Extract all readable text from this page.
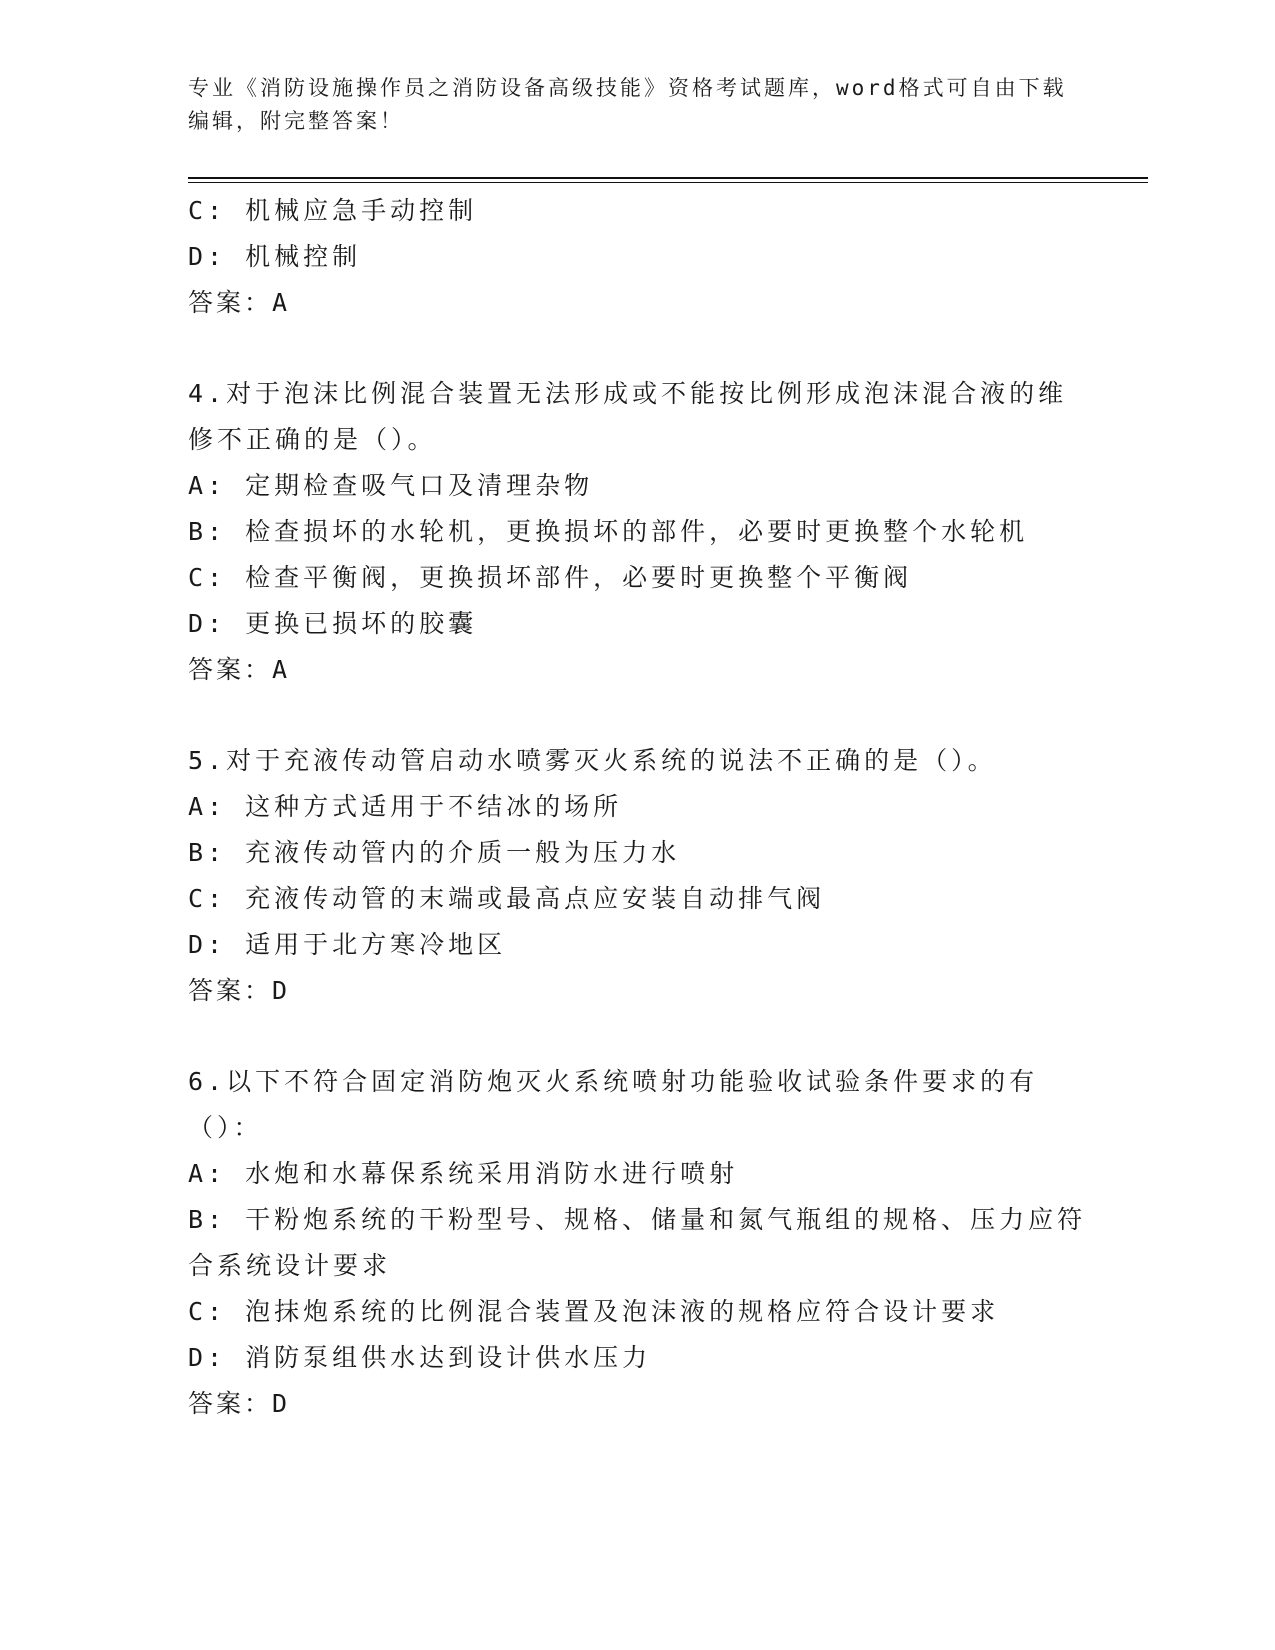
专业《消防设施操作员之消防设备高级技能》资格考试题库，word格式可自由下载编辑，附完整答案！
C: 机械应急手动控制
D: 机械控制
答案：A
4.对于泡沫比例混合装置无法形成或不能按比例形成泡沫混合液的维修不正确的是（）。
A: 定期检查吸气口及清理杂物
B: 检查损坏的水轮机，更换损坏的部件，必要时更换整个水轮机
C: 检查平衡阀，更换损坏部件，必要时更换整个平衡阀
D: 更换已损坏的胶囊
答案：A
5.对于充液传动管启动水喷雾灭火系统的说法不正确的是（）。
A: 这种方式适用于不结冰的场所
B: 充液传动管内的介质一般为压力水
C: 充液传动管的末端或最高点应安装自动排气阀
D: 适用于北方寒冷地区
答案：D
6.以下不符合固定消防炮灭火系统喷射功能验收试验条件要求的有（）：
A: 水炮和水幕保系统采用消防水进行喷射
B: 干粉炮系统的干粉型号、规格、储量和氮气瓶组的规格、压力应符合系统设计要求
C: 泡抹炮系统的比例混合装置及泡沫液的规格应符合设计要求
D: 消防泵组供水达到设计供水压力
答案：D
